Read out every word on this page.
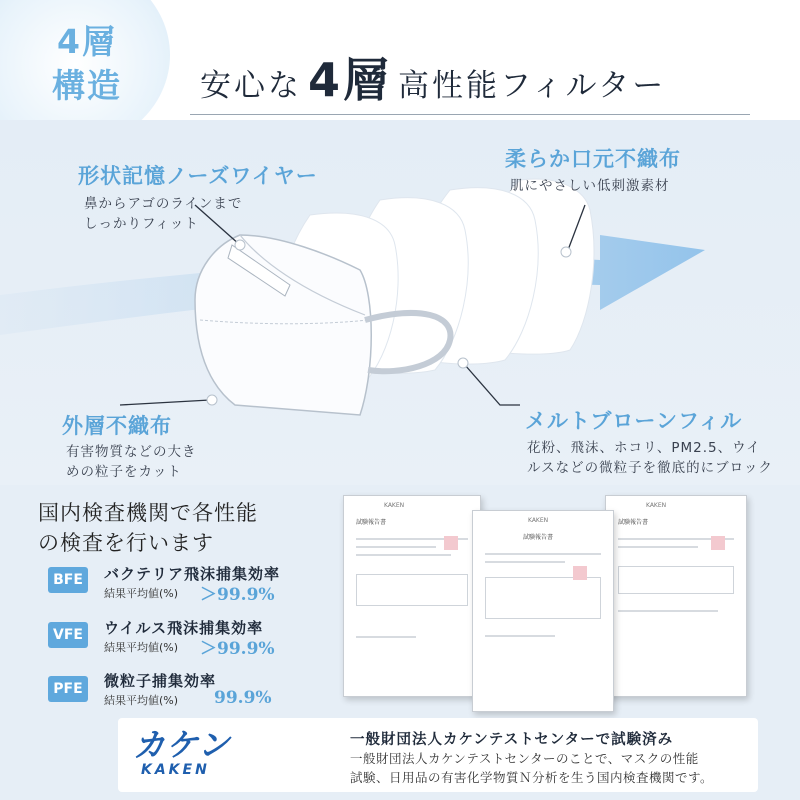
4層
構造	安心な 4層 高性能フィルター
形状記憶ノーズワイヤー
鼻からアゴのラインまで
しっかりフィット
柔らか口元不織布
肌にやさしい低刺激素材
外層不織布
有害物質などの大き
めの粒子をカット
メルトブローンフィル
花粉、飛沫、ホコリ、PM2.5、ウイ
ルスなどの微粒子を徹底的にブロック
国内検査機関で各性能
の検査を行います
BFE	バクテリア飛沫捕集効率
結果平均値(%) ＞99.9%
VFE	ウイルス飛沫捕集効率
結果平均値(%) ＞99.9%
PFE	微粒子捕集効率
結果平均値(%) 99.9%
KAKEN
試験報告書
KAKEN
試験報告書
KAKEN
試験報告書
カケン
KAKEN
一般財団法人カケンテストセンターで試験済み
一般財団法人カケンテストセンターのことで、マスクの性能
試験、日用品の有害化学物質Ｎ分析を生う国内検査機関です。
